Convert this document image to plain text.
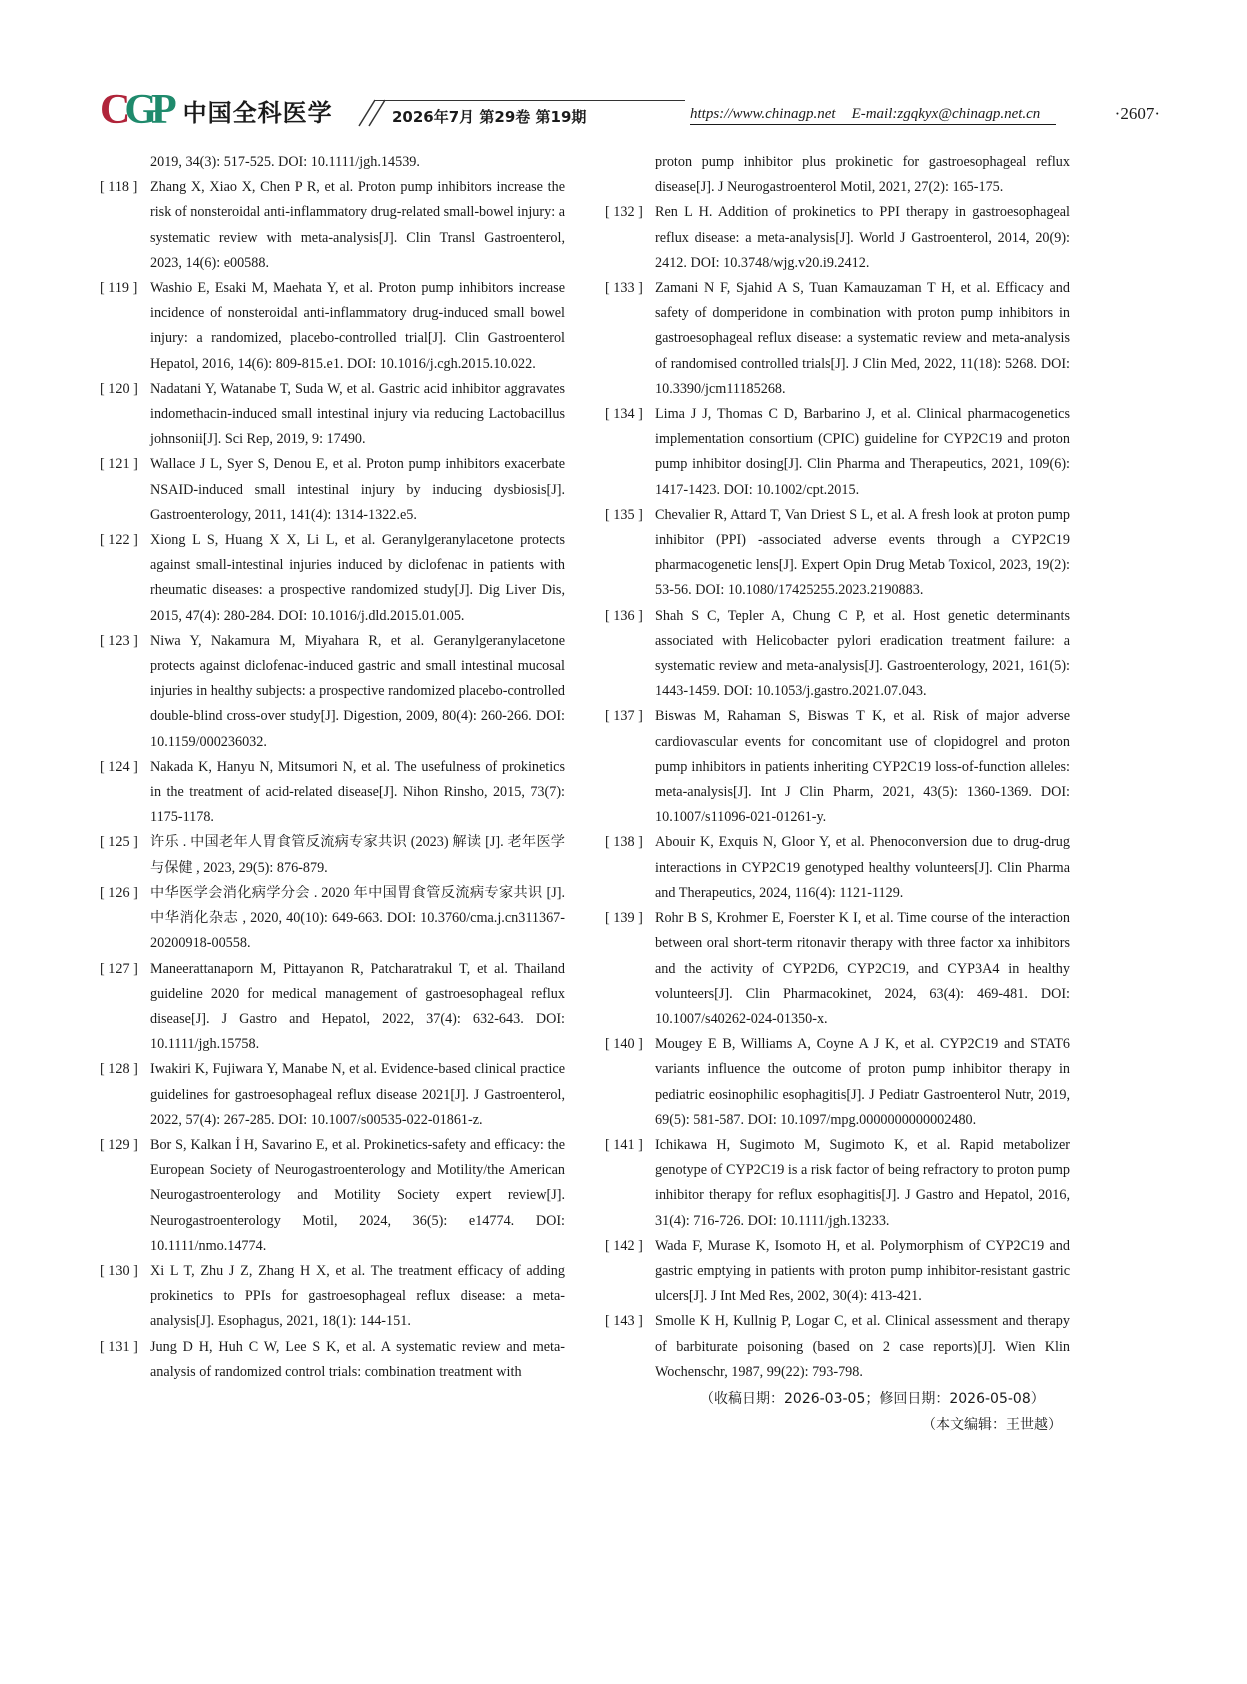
CGP 中国全科医学	2026年7月 第29卷 第19期	https://www.chinagp.net E-mail:zgqkyx@chinagp.net.cn	·2607·
2019, 34(3): 517-525. DOI: 10.1111/jgh.14539.
[ 118 ] Zhang X, Xiao X, Chen P R, et al. Proton pump inhibitors increase the risk of nonsteroidal anti-inflammatory drug-related small-bowel injury: a systematic review with meta-analysis[J]. Clin Transl Gastroenterol, 2023, 14(6): e00588.
[ 119 ] Washio E, Esaki M, Maehata Y, et al. Proton pump inhibitors increase incidence of nonsteroidal anti-inflammatory drug-induced small bowel injury: a randomized, placebo-controlled trial[J]. Clin Gastroenterol Hepatol, 2016, 14(6): 809-815.e1. DOI: 10.1016/j.cgh.2015.10.022.
[ 120 ] Nadatani Y, Watanabe T, Suda W, et al. Gastric acid inhibitor aggravates indomethacin-induced small intestinal injury via reducing Lactobacillus johnsonii[J]. Sci Rep, 2019, 9: 17490.
[ 121 ] Wallace J L, Syer S, Denou E, et al. Proton pump inhibitors exacerbate NSAID-induced small intestinal injury by inducing dysbiosis[J]. Gastroenterology, 2011, 141(4): 1314-1322.e5.
[ 122 ] Xiong L S, Huang X X, Li L, et al. Geranylgeranylacetone protects against small-intestinal injuries induced by diclofenac in patients with rheumatic diseases: a prospective randomized study[J]. Dig Liver Dis, 2015, 47(4): 280-284. DOI: 10.1016/j.dld.2015.01.005.
[ 123 ] Niwa Y, Nakamura M, Miyahara R, et al. Geranylgeranylacetone protects against diclofenac-induced gastric and small intestinal mucosal injuries in healthy subjects: a prospective randomized placebo-controlled double-blind cross-over study[J]. Digestion, 2009, 80(4): 260-266. DOI: 10.1159/000236032.
[ 124 ] Nakada K, Hanyu N, Mitsumori N, et al. The usefulness of prokinetics in the treatment of acid-related disease[J]. Nihon Rinsho, 2015, 73(7): 1175-1178.
[ 125 ] 许乐 . 中国老年人胃食管反流病专家共识 (2023) 解读 [J]. 老年医学与保健 , 2023, 29(5): 876-879.
[ 126 ] 中华医学会消化病学分会 . 2020 年中国胃食管反流病专家共识 [J]. 中华消化杂志 , 2020, 40(10): 649-663. DOI: 10.3760/cma.j.cn311367-20200918-00558.
[ 127 ] Maneerattanaporn M, Pittayanon R, Patcharatrakul T, et al. Thailand guideline 2020 for medical management of gastroesophageal reflux disease[J]. J Gastro and Hepatol, 2022, 37(4): 632-643. DOI: 10.1111/jgh.15758.
[ 128 ] Iwakiri K, Fujiwara Y, Manabe N, et al. Evidence-based clinical practice guidelines for gastroesophageal reflux disease 2021[J]. J Gastroenterol, 2022, 57(4): 267-285. DOI: 10.1007/s00535-022-01861-z.
[ 129 ] Bor S, Kalkan İ H, Savarino E, et al. Prokinetics-safety and efficacy: the European Society of Neurogastroenterology and Motility/the American Neurogastroenterology and Motility Society expert review[J]. Neurogastroenterology Motil, 2024, 36(5): e14774. DOI: 10.1111/nmo.14774.
[ 130 ] Xi L T, Zhu J Z, Zhang H X, et al. The treatment efficacy of adding prokinetics to PPIs for gastroesophageal reflux disease: a meta-analysis[J]. Esophagus, 2021, 18(1): 144-151.
[ 131 ] Jung D H, Huh C W, Lee S K, et al. A systematic review and meta-analysis of randomized control trials: combination treatment with
proton pump inhibitor plus prokinetic for gastroesophageal reflux disease[J]. J Neurogastroenterol Motil, 2021, 27(2): 165-175.
[ 132 ] Ren L H. Addition of prokinetics to PPI therapy in gastroesophageal reflux disease: a meta-analysis[J]. World J Gastroenterol, 2014, 20(9): 2412. DOI: 10.3748/wjg.v20.i9.2412.
[ 133 ] Zamani N F, Sjahid A S, Tuan Kamauzaman T H, et al. Efficacy and safety of domperidone in combination with proton pump inhibitors in gastroesophageal reflux disease: a systematic review and meta-analysis of randomised controlled trials[J]. J Clin Med, 2022, 11(18): 5268. DOI: 10.3390/jcm11185268.
[ 134 ] Lima J J, Thomas C D, Barbarino J, et al. Clinical pharmacogenetics implementation consortium (CPIC) guideline for CYP2C19 and proton pump inhibitor dosing[J]. Clin Pharma and Therapeutics, 2021, 109(6): 1417-1423. DOI: 10.1002/cpt.2015.
[ 135 ] Chevalier R, Attard T, Van Driest S L, et al. A fresh look at proton pump inhibitor (PPI) -associated adverse events through a CYP2C19 pharmacogenetic lens[J]. Expert Opin Drug Metab Toxicol, 2023, 19(2): 53-56. DOI: 10.1080/17425255.2023.2190883.
[ 136 ] Shah S C, Tepler A, Chung C P, et al. Host genetic determinants associated with Helicobacter pylori eradication treatment failure: a systematic review and meta-analysis[J]. Gastroenterology, 2021, 161(5): 1443-1459. DOI: 10.1053/j.gastro.2021.07.043.
[ 137 ] Biswas M, Rahaman S, Biswas T K, et al. Risk of major adverse cardiovascular events for concomitant use of clopidogrel and proton pump inhibitors in patients inheriting CYP2C19 loss-of-function alleles: meta-analysis[J]. Int J Clin Pharm, 2021, 43(5): 1360-1369. DOI: 10.1007/s11096-021-01261-y.
[ 138 ] Abouir K, Exquis N, Gloor Y, et al. Phenoconversion due to drug-drug interactions in CYP2C19 genotyped healthy volunteers[J]. Clin Pharma and Therapeutics, 2024, 116(4): 1121-1129.
[ 139 ] Rohr B S, Krohmer E, Foerster K I, et al. Time course of the interaction between oral short-term ritonavir therapy with three factor xa inhibitors and the activity of CYP2D6, CYP2C19, and CYP3A4 in healthy volunteers[J]. Clin Pharmacokinet, 2024, 63(4): 469-481. DOI: 10.1007/s40262-024-01350-x.
[ 140 ] Mougey E B, Williams A, Coyne A J K, et al. CYP2C19 and STAT6 variants influence the outcome of proton pump inhibitor therapy in pediatric eosinophilic esophagitis[J]. J Pediatr Gastroenterol Nutr, 2019, 69(5): 581-587. DOI: 10.1097/mpg.0000000000002480.
[ 141 ] Ichikawa H, Sugimoto M, Sugimoto K, et al. Rapid metabolizer genotype of CYP2C19 is a risk factor of being refractory to proton pump inhibitor therapy for reflux esophagitis[J]. J Gastro and Hepatol, 2016, 31(4): 716-726. DOI: 10.1111/jgh.13233.
[ 142 ] Wada F, Murase K, Isomoto H, et al. Polymorphism of CYP2C19 and gastric emptying in patients with proton pump inhibitor-resistant gastric ulcers[J]. J Int Med Res, 2002, 30(4): 413-421.
[ 143 ] Smolle K H, Kullnig P, Logar C, et al. Clinical assessment and therapy of barbiturate poisoning (based on 2 case reports)[J]. Wien Klin Wochenschr, 1987, 99(22): 793-798.
（收稿日期：2026-03-05；修回日期：2026-05-08）
（本文编辑：王世越）
